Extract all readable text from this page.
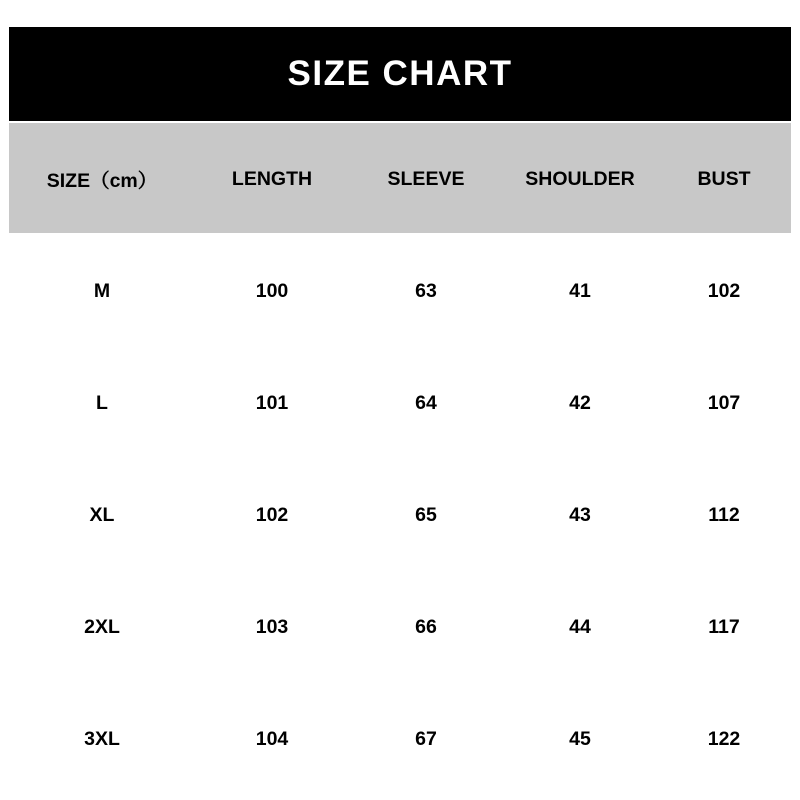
SIZE CHART
SIZE（cm）	LENGTH	SLEEVE	SHOULDER	BUST
M	100	63	41	102
L	101	64	42	107
XL	102	65	43	112
2XL	103	66	44	117
3XL	104	67	45	122
